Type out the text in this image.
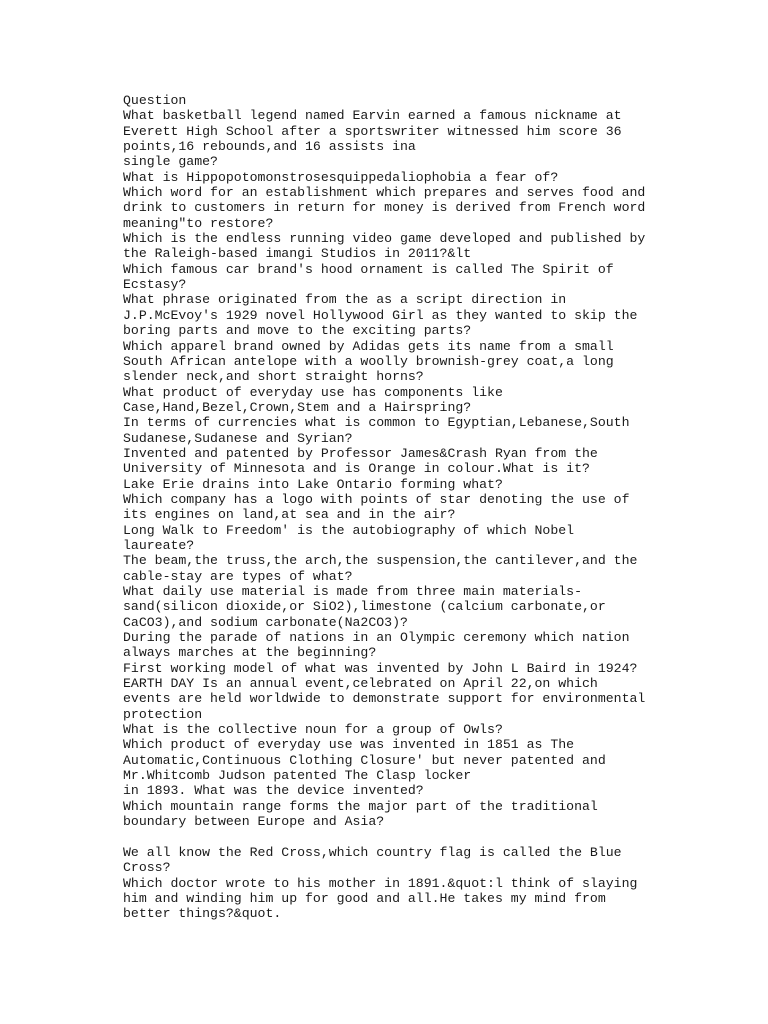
Question
What basketball legend named Earvin earned a famous nickname at
Everett High School after a sportswriter witnessed him score 36
points,16 rebounds,and 16 assists ina
single game?
What is Hippopotomonstrosesquippedaliophobia a fear of?
Which word for an establishment which prepares and serves food and
drink to customers in return for money is derived from French word
meaning"to restore?
Which is the endless running video game developed and published by
the Raleigh-based imangi Studios in 2011?&lt
Which famous car brand's hood ornament is called The Spirit of
Ecstasy?
What phrase originated from the as a script direction in
J.P.McEvoy's 1929 novel Hollywood Girl as they wanted to skip the
boring parts and move to the exciting parts?
Which apparel brand owned by Adidas gets its name from a small
South African antelope with a woolly brownish-grey coat,a long
slender neck,and short straight horns?
What product of everyday use has components like
Case,Hand,Bezel,Crown,Stem and a Hairspring?
In terms of currencies what is common to Egyptian,Lebanese,South
Sudanese,Sudanese and Syrian?
Invented and patented by Professor James&Crash Ryan from the
University of Minnesota and is Orange in colour.What is it?
Lake Erie drains into Lake Ontario forming what?
Which company has a logo with points of star denoting the use of
its engines on land,at sea and in the air?
Long Walk to Freedom' is the autobiography of which Nobel
laureate?
The beam,the truss,the arch,the suspension,the cantilever,and the
cable-stay are types of what?
What daily use material is made from three main materials-
sand(silicon dioxide,or SiO2),limestone (calcium carbonate,or
CaCO3),and sodium carbonate(Na2CO3)?
During the parade of nations in an Olympic ceremony which nation
always marches at the beginning?
First working model of what was invented by John L Baird in 1924?
EARTH DAY Is an annual event,celebrated on April 22,on which
events are held worldwide to demonstrate support for environmental
protection
What is the collective noun for a group of Owls?
Which product of everyday use was invented in 1851 as The
Automatic,Continuous Clothing Closure' but never patented and
Mr.Whitcomb Judson patented The Clasp locker
in 1893. What was the device invented?
Which mountain range forms the major part of the traditional
boundary between Europe and Asia?
We all know the Red Cross,which country flag is called the Blue
Cross?
Which doctor wrote to his mother in 1891.&quot:l think of slaying
him and winding him up for good and all.He takes my mind from
better things?&quot.
